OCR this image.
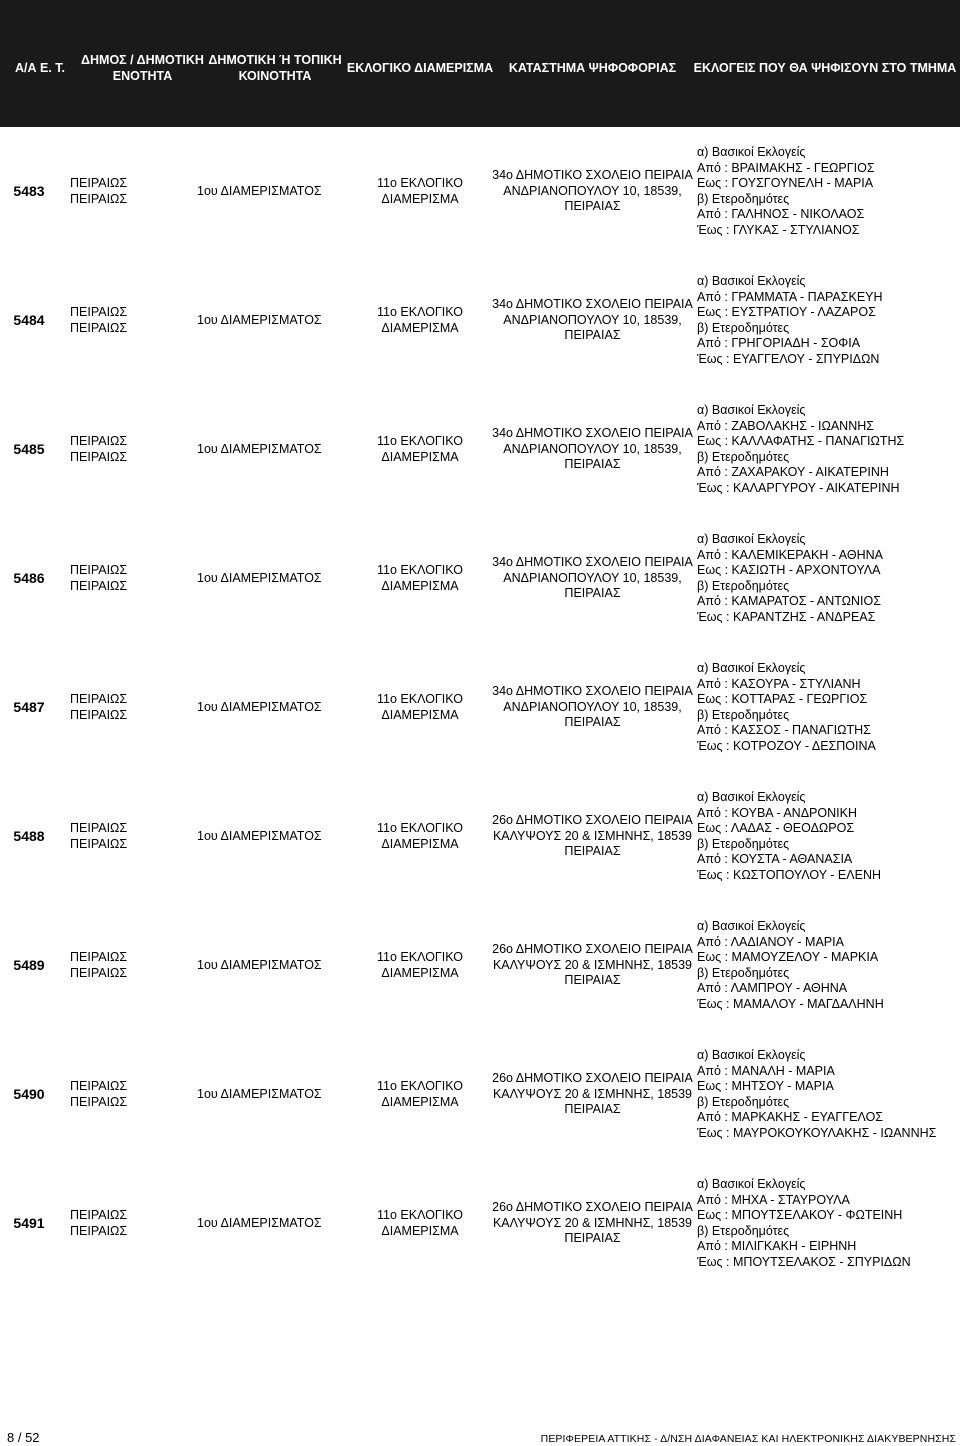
Α/Α Ε. Τ.
ΔΗΜΟΣ / ΔΗΜΟΤΙΚΗ
ΕΝΟΤΗΤΑ
ΔΗΜΟΤΙΚΗ Ή ΤΟΠΙΚΗ
ΚΟΙΝΟΤΗΤΑ
ΕΚΛΟΓΙΚΟ ΔΙΑΜΕΡΙΣΜΑ ΚΑΤΑΣΤΗΜΑ ΨΗΦΟΦΟΡΙΑΣ ΕΚΛΟΓΕΙΣ ΠΟΥ ΘΑ ΨΗΦΙΣΟΥΝ ΣΤΟ ΤΜΗΜΑ
5483 ΠΕΙΡΑΙΩΣ
ΠΕΙΡΑΙΩΣ
1ου ΔΙΑΜΕΡΙΣΜΑΤΟΣ
11ο ΕΚΛΟΓΙΚΟ
ΔΙΑΜΕΡΙΣΜΑ
34ο ΔΗΜΟΤΙΚΟ ΣΧΟΛΕΙΟ ΠΕΙΡΑΙΑ
ΑΝΔΡΙΑΝΟΠΟΥΛΟΥ 10, 18539,
ΠΕΙΡΑΙΑΣ
α) Βασικοί Εκλογείς
Από : ΒΡΑΙΜΑΚΗΣ - ΓΕΩΡΓΙΟΣ
Εως : ΓΟΥΣΓΟΥΝΕΛΗ - ΜΑΡΙΑ
β) Ετεροδημότες
Από : ΓΑΛΗΝΟΣ - ΝΙΚΟΛΑΟΣ
Έως : ΓΛΥΚΑΣ - ΣΤΥΛΙΑΝΟΣ
5484 ΠΕΙΡΑΙΩΣ
ΠΕΙΡΑΙΩΣ
1ου ΔΙΑΜΕΡΙΣΜΑΤΟΣ
11ο ΕΚΛΟΓΙΚΟ
ΔΙΑΜΕΡΙΣΜΑ
34ο ΔΗΜΟΤΙΚΟ ΣΧΟΛΕΙΟ ΠΕΙΡΑΙΑ
ΑΝΔΡΙΑΝΟΠΟΥΛΟΥ 10, 18539,
ΠΕΙΡΑΙΑΣ
α) Βασικοί Εκλογείς
Από : ΓΡΑΜΜΑΤΑ - ΠΑΡΑΣΚΕΥΗ
Εως : ΕΥΣΤΡΑΤΙΟΥ - ΛΑΖΑΡΟΣ
β) Ετεροδημότες
Από : ΓΡΗΓΟΡΙΑΔΗ - ΣΟΦΙΑ
Έως : ΕΥΑΓΓΕΛΟΥ - ΣΠΥΡΙΔΩΝ
5485 ΠΕΙΡΑΙΩΣ
ΠΕΙΡΑΙΩΣ
1ου ΔΙΑΜΕΡΙΣΜΑΤΟΣ
11ο ΕΚΛΟΓΙΚΟ
ΔΙΑΜΕΡΙΣΜΑ
34ο ΔΗΜΟΤΙΚΟ ΣΧΟΛΕΙΟ ΠΕΙΡΑΙΑ
ΑΝΔΡΙΑΝΟΠΟΥΛΟΥ 10, 18539,
ΠΕΙΡΑΙΑΣ
α) Βασικοί Εκλογείς
Από : ΖΑΒΟΛΑΚΗΣ - ΙΩΑΝΝΗΣ
Εως : ΚΑΛΛΑΦΑΤΗΣ - ΠΑΝΑΓΙΩΤΗΣ
β) Ετεροδημότες
Από : ΖΑΧΑΡΑΚΟΥ - ΑΙΚΑΤΕΡΙΝΗ
Έως : ΚΑΛΑΡΓΥΡΟΥ - ΑΙΚΑΤΕΡΙΝΗ
5486 ΠΕΙΡΑΙΩΣ
ΠΕΙΡΑΙΩΣ
1ου ΔΙΑΜΕΡΙΣΜΑΤΟΣ
11ο ΕΚΛΟΓΙΚΟ
ΔΙΑΜΕΡΙΣΜΑ
34ο ΔΗΜΟΤΙΚΟ ΣΧΟΛΕΙΟ ΠΕΙΡΑΙΑ
ΑΝΔΡΙΑΝΟΠΟΥΛΟΥ 10, 18539,
ΠΕΙΡΑΙΑΣ
α) Βασικοί Εκλογείς
Από : ΚΑΛΕΜΙΚΕΡΑΚΗ - ΑΘΗΝΑ
Εως : ΚΑΣΙΩΤΗ - ΑΡΧΟΝΤΟΥΛΑ
β) Ετεροδημότες
Από : ΚΑΜΑΡΑΤΟΣ - ΑΝΤΩΝΙΟΣ
Έως : ΚΑΡΑΝΤΖΗΣ - ΑΝΔΡΕΑΣ
5487 ΠΕΙΡΑΙΩΣ
ΠΕΙΡΑΙΩΣ
1ου ΔΙΑΜΕΡΙΣΜΑΤΟΣ
11ο ΕΚΛΟΓΙΚΟ
ΔΙΑΜΕΡΙΣΜΑ
34ο ΔΗΜΟΤΙΚΟ ΣΧΟΛΕΙΟ ΠΕΙΡΑΙΑ
ΑΝΔΡΙΑΝΟΠΟΥΛΟΥ 10, 18539,
ΠΕΙΡΑΙΑΣ
α) Βασικοί Εκλογείς
Από : ΚΑΣΟΥΡΑ - ΣΤΥΛΙΑΝΗ
Εως : ΚΟΤΤΑΡΑΣ - ΓΕΩΡΓΙΟΣ
β) Ετεροδημότες
Από : ΚΑΣΣΟΣ - ΠΑΝΑΓΙΩΤΗΣ
Έως : ΚΟΤΡΟΖΟΥ - ΔΕΣΠΟΙΝΑ
5488 ΠΕΙΡΑΙΩΣ
ΠΕΙΡΑΙΩΣ
1ου ΔΙΑΜΕΡΙΣΜΑΤΟΣ
11ο ΕΚΛΟΓΙΚΟ
ΔΙΑΜΕΡΙΣΜΑ
26ο ΔΗΜΟΤΙΚΟ ΣΧΟΛΕΙΟ ΠΕΙΡΑΙΑ
ΚΑΛΥΨΟΥΣ 20 & ΙΣΜΗΝΗΣ, 18539
ΠΕΙΡΑΙΑΣ
α) Βασικοί Εκλογείς
Από : ΚΟΥΒΑ - ΑΝΔΡΟΝΙΚΗ
Εως : ΛΑΔΑΣ - ΘΕΟΔΩΡΟΣ
β) Ετεροδημότες
Από : ΚΟΥΣΤΑ - ΑΘΑΝΑΣΙΑ
Έως : ΚΩΣΤΟΠΟΥΛΟΥ - ΕΛΕΝΗ
5489 ΠΕΙΡΑΙΩΣ
ΠΕΙΡΑΙΩΣ
1ου ΔΙΑΜΕΡΙΣΜΑΤΟΣ
11ο ΕΚΛΟΓΙΚΟ
ΔΙΑΜΕΡΙΣΜΑ
26ο ΔΗΜΟΤΙΚΟ ΣΧΟΛΕΙΟ ΠΕΙΡΑΙΑ
ΚΑΛΥΨΟΥΣ 20 & ΙΣΜΗΝΗΣ, 18539
ΠΕΙΡΑΙΑΣ
α) Βασικοί Εκλογείς
Από : ΛΑΔΙΑΝΟΥ - ΜΑΡΙΑ
Εως : ΜΑΜΟΥΖΕΛΟΥ - ΜΑΡΚΙΑ
β) Ετεροδημότες
Από : ΛΑΜΠΡΟΥ - ΑΘΗΝΑ
Έως : ΜΑΜΑΛΟΥ - ΜΑΓΔΑΛΗΝΗ
5490 ΠΕΙΡΑΙΩΣ
ΠΕΙΡΑΙΩΣ
1ου ΔΙΑΜΕΡΙΣΜΑΤΟΣ
11ο ΕΚΛΟΓΙΚΟ
ΔΙΑΜΕΡΙΣΜΑ
26ο ΔΗΜΟΤΙΚΟ ΣΧΟΛΕΙΟ ΠΕΙΡΑΙΑ
ΚΑΛΥΨΟΥΣ 20 & ΙΣΜΗΝΗΣ, 18539
ΠΕΙΡΑΙΑΣ
α) Βασικοί Εκλογείς
Από : ΜΑΝΑΛΗ - ΜΑΡΙΑ
Εως : ΜΗΤΣΟΥ - ΜΑΡΙΑ
β) Ετεροδημότες
Από : ΜΑΡΚΑΚΗΣ - ΕΥΑΓΓΕΛΟΣ
Έως : ΜΑΥΡΟΚΟΥΚΟΥΛΑΚΗΣ - ΙΩΑΝΝΗΣ
5491 ΠΕΙΡΑΙΩΣ
ΠΕΙΡΑΙΩΣ
1ου ΔΙΑΜΕΡΙΣΜΑΤΟΣ
11ο ΕΚΛΟΓΙΚΟ
ΔΙΑΜΕΡΙΣΜΑ
26ο ΔΗΜΟΤΙΚΟ ΣΧΟΛΕΙΟ ΠΕΙΡΑΙΑ
ΚΑΛΥΨΟΥΣ 20 & ΙΣΜΗΝΗΣ, 18539
ΠΕΙΡΑΙΑΣ
α) Βασικοί Εκλογείς
Από : ΜΗΧΑ - ΣΤΑΥΡΟΥΛΑ
Εως : ΜΠΟΥΤΣΕΛΑΚΟΥ - ΦΩΤΕΙΝΗ
β) Ετεροδημότες
Από : ΜΙΛΙΓΚΑΚΗ - ΕΙΡΗΝΗ
Έως : ΜΠΟΥΤΣΕΛΑΚΟΣ - ΣΠΥΡΙΔΩΝ
8 / 52	ΠΕΡΙΦΕΡΕΙΑ ΑΤΤΙΚΗΣ - Δ/ΝΣΗ ΔΙΑΦΑΝΕΙΑΣ ΚΑΙ ΗΛΕΚΤΡΟΝΙΚΗΣ ΔΙΑΚΥΒΕΡΝΗΣΗΣ
